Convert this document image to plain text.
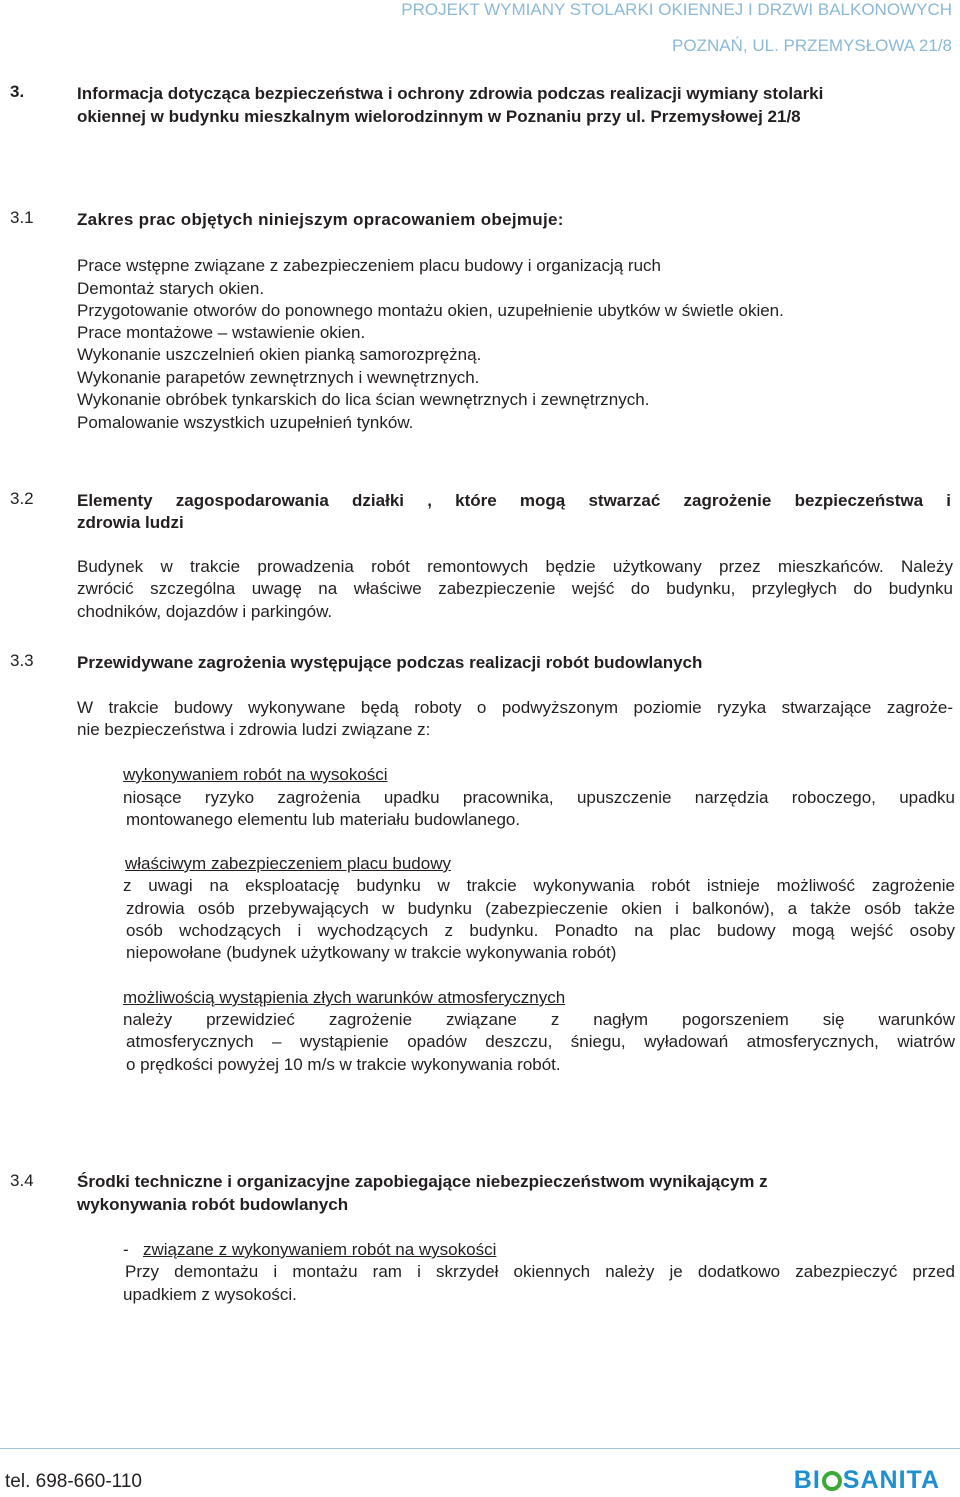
PROJEKT WYMIANY STOLARKI OKIENNEJ I DRZWI BALKONOWYCH
POZNAŃ, UL. PRZEMYSŁOWA 21/8
3.	Informacja dotycząca bezpieczeństwa i ochrony zdrowia podczas realizacji wymiany stolarki
okiennej w budynku mieszkalnym wielorodzinnym w Poznaniu przy ul. Przemysłowej 21/8
3.1	Zakres prac objętych niniejszym opracowaniem obejmuje:
Prace wstępne związane z zabezpieczeniem placu budowy i organizacją ruch
Demontaż starych okien.
Przygotowanie otworów do ponownego montażu okien, uzupełnienie ubytków w świetle okien.
Prace montażowe – wstawienie okien.
Wykonanie uszczelnień okien pianką samorozprężną.
Wykonanie parapetów zewnętrznych i wewnętrznych.
Wykonanie obróbek tynkarskich do lica ścian wewnętrznych i zewnętrznych.
Pomalowanie wszystkich uzupełnień tynków.
3.2	Elementy zagospodarowania działki , które mogą stwarzać zagrożenie bezpieczeństwa i
zdrowia ludzi
Budynek w trakcie prowadzenia robót remontowych będzie użytkowany przez mieszkańców. Należy
zwrócić szczególna uwagę na właściwe zabezpieczenie wejść do budynku, przyległych do budynku
chodników, dojazdów i parkingów.
3.3	Przewidywane zagrożenia występujące podczas realizacji robót budowlanych
W trakcie budowy wykonywane będą roboty o podwyższonym poziomie ryzyka stwarzające zagroże-
nie bezpieczeństwa i zdrowia ludzi związane z:
wykonywaniem robót na wysokości
niosące ryzyko zagrożenia upadku pracownika, upuszczenie narzędzia roboczego, upadku
montowanego elementu lub materiału budowlanego.
właściwym zabezpieczeniem placu budowy
z uwagi na eksploatację budynku w trakcie wykonywania robót istnieje możliwość zagrożenie
zdrowia osób przebywających w budynku (zabezpieczenie okien i balkonów), a także osób także
osób wchodzących i wychodzących z budynku. Ponadto na plac budowy mogą wejść osoby
niepowołane (budynek użytkowany w trakcie wykonywania robót)
możliwością wystąpienia złych warunków atmosferycznych
należy przewidzieć zagrożenie związane z nagłym pogorszeniem się warunków
atmosferycznych – wystąpienie opadów deszczu, śniegu, wyładowań atmosferycznych, wiatrów
o prędkości powyżej 10 m/s w trakcie wykonywania robót.
3.4	Środki techniczne i organizacyjne zapobiegające niebezpieczeństwom wynikającym z
wykonywania robót budowlanych
- związane z wykonywaniem robót na wysokości
Przy demontażu i montażu ram i skrzydeł okiennych należy je dodatkowo zabezpieczyć przed
upadkiem z wysokości.
tel. 698-660-110	BI SANITA
